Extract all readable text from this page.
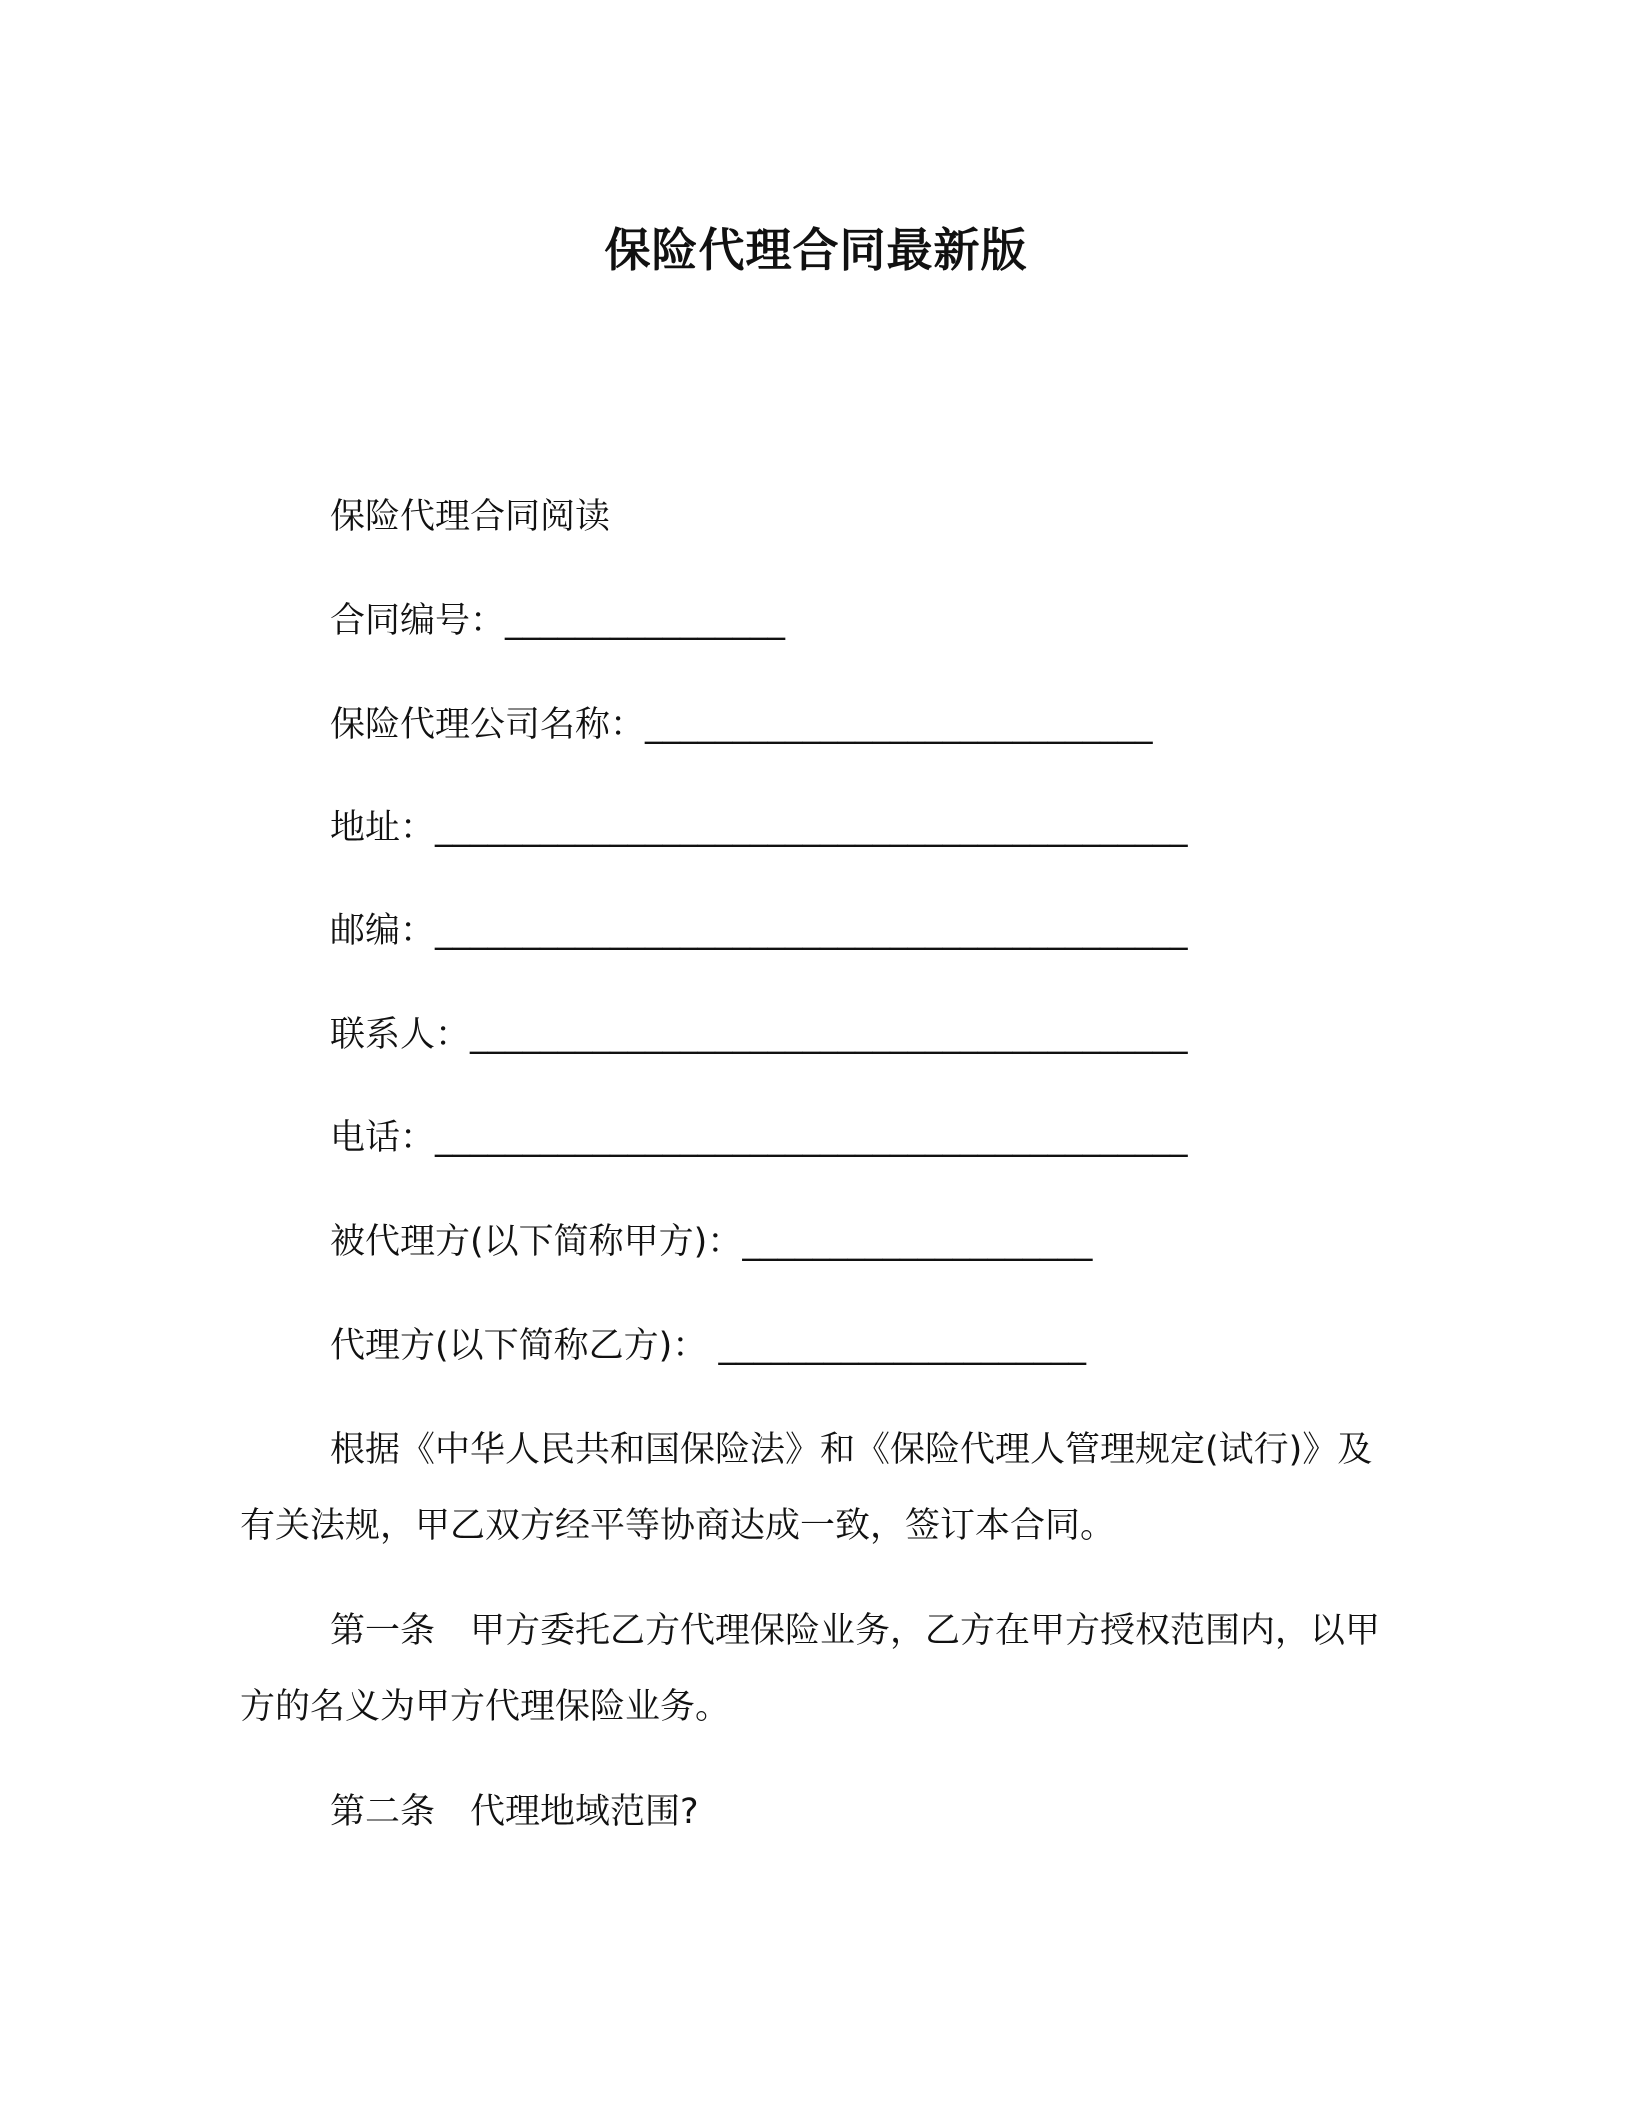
保险代理合同最新版
保险代理合同阅读
合同编号：________________
保险代理公司名称：_____________________________
地址：___________________________________________
邮编：___________________________________________
联系人：_________________________________________
电话：___________________________________________
被代理方(以下简称甲方)：____________________
代理方(以下简称乙方)： _____________________
根据《中华人民共和国保险法》和《保险代理人管理规定(试行)》及有关法规，甲乙双方经平等协商达成一致，签订本合同。
第一条　甲方委托乙方代理保险业务，乙方在甲方授权范围内，以甲方的名义为甲方代理保险业务。
第二条　代理地域范围?
